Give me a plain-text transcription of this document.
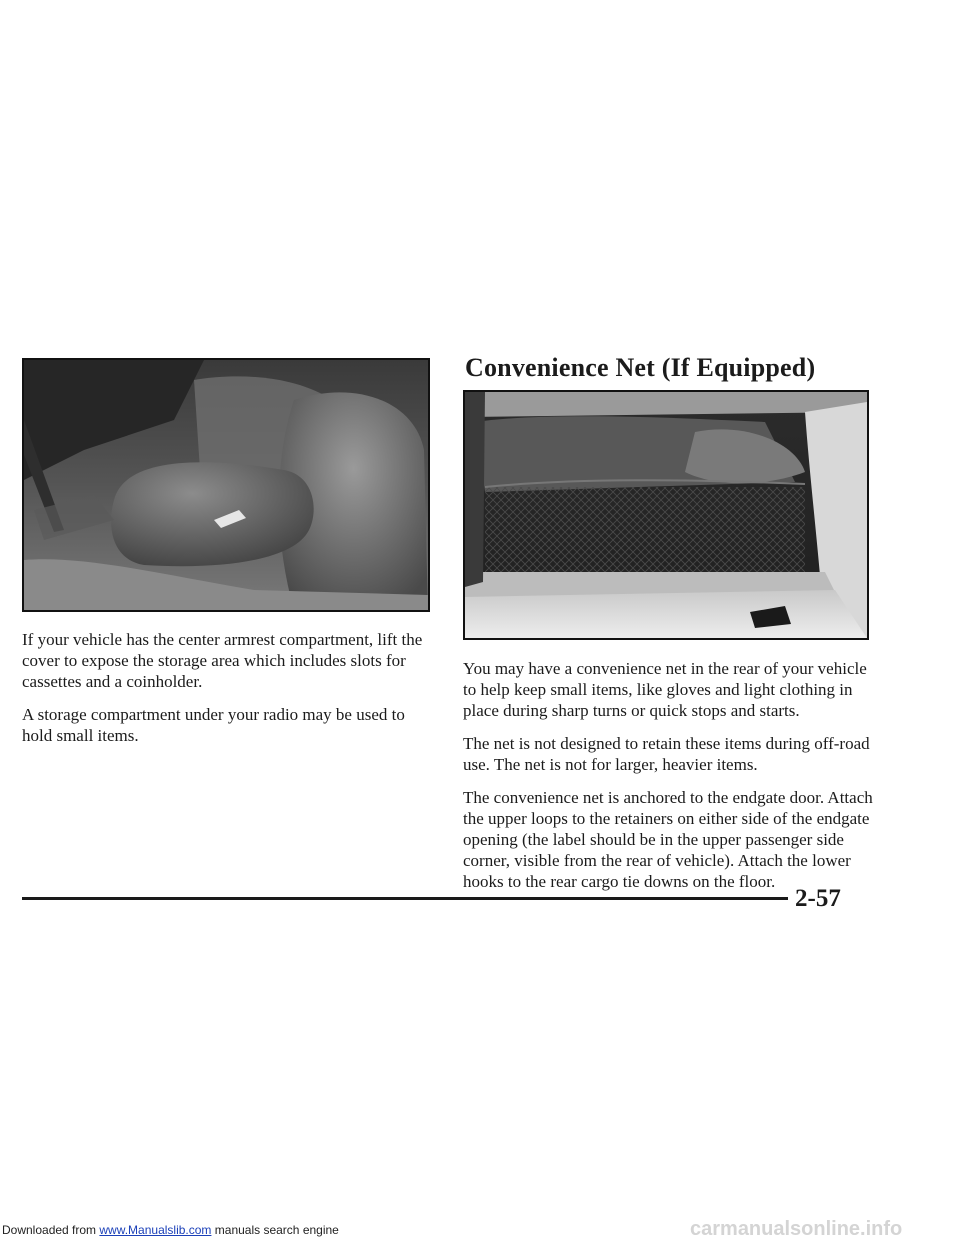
Convenience Net (If Equipped)

If your vehicle has the center armrest compartment, lift the cover to expose the storage area which includes slots for cassettes and a coinholder.

A storage compartment under your radio may be used to hold small items.

You may have a convenience net in the rear of your vehicle to help keep small items, like gloves and light clothing in place during sharp turns or quick stops and starts.

The net is not designed to retain these items during off-road use. The net is not for larger, heavier items.

The convenience net is anchored to the endgate door. Attach the upper loops to the retainers on either side of the endgate opening (the label should be in the upper passenger side corner, visible from the rear of vehicle). Attach the lower hooks to the rear cargo tie downs on the floor.

2-57
Downloaded from www.Manualslib.com manuals search engine	carmanualsonline.info
